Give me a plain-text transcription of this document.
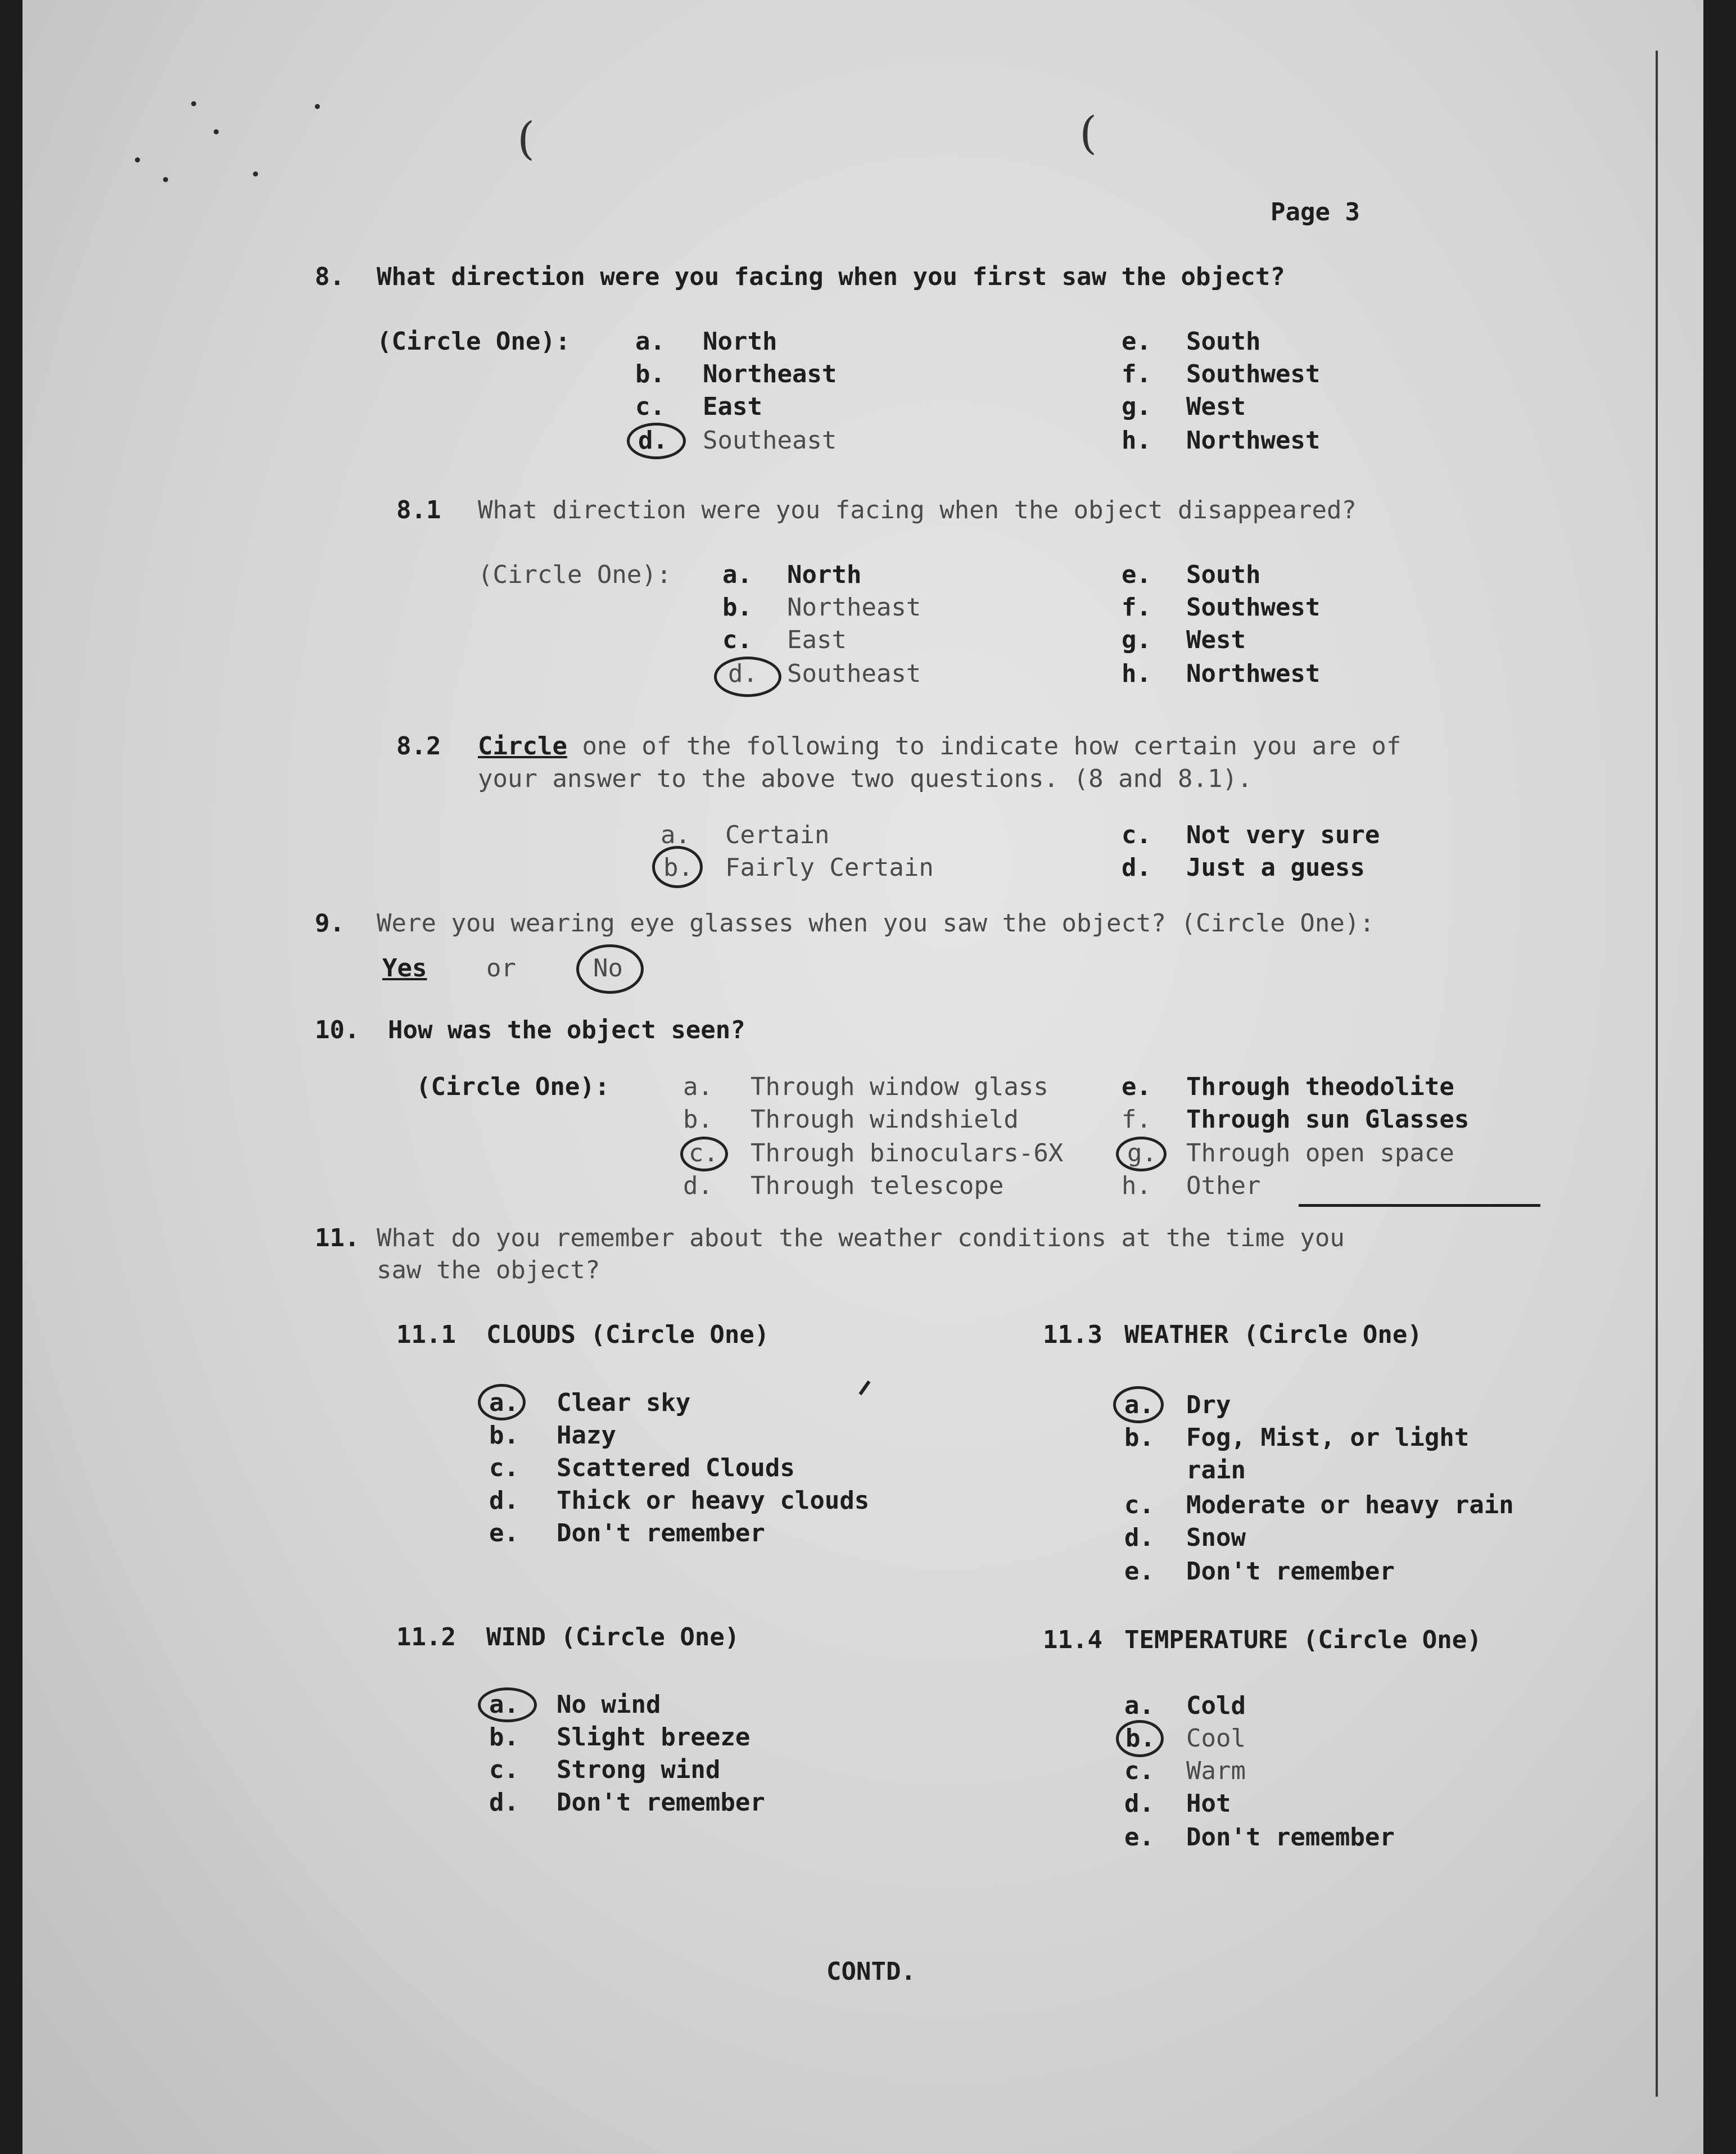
(	(
Page 3
8. What direction were you facing when you first saw the object?
(Circle One):	a. North
b. Northeast
c. East
d. Southeast
e. South
f. Southwest
g. West
h. Northwest
8.1 What direction were you facing when the object disappeared?
(Circle One): a. North
b. Northeast
c. East
d. Southeast
e. South
f. Southwest
g. West
h. Northwest
8.2 Circle one of the following to indicate how certain you are of
your answer to the above two questions. (8 and 8.1).
a. Certain
b. Fairly Certain
c. Not very sure
d. Just a guess
9. Were you wearing eye glasses when you saw the object? (Circle One):
Yes or	No
10. How was the object seen?
(Circle One):	a. Through window glass
b. Through windshield
c. Through binoculars-6X
d. Through telescope
e. Through theodolite
f. Through sun Glasses
g. Through open space
h. Other
11. What do you remember about the weather conditions at the time you
saw the object?
11.1 CLOUDS (Circle One)
a. Clear sky
b. Hazy
c. Scattered Clouds
d. Thick or heavy clouds
e. Don't remember
11.3 WEATHER (Circle One)
a. Dry
b. Fog, Mist, or light
rain
c. Moderate or heavy rain
d. Snow
e. Don't remember
11.2 WIND (Circle One)
a. No wind
b. Slight breeze
c. Strong wind
d. Don't remember
11.4 TEMPERATURE (Circle One)
a. Cold
b. Cool
c. Warm
d. Hot
e. Don't remember
CONTD.
